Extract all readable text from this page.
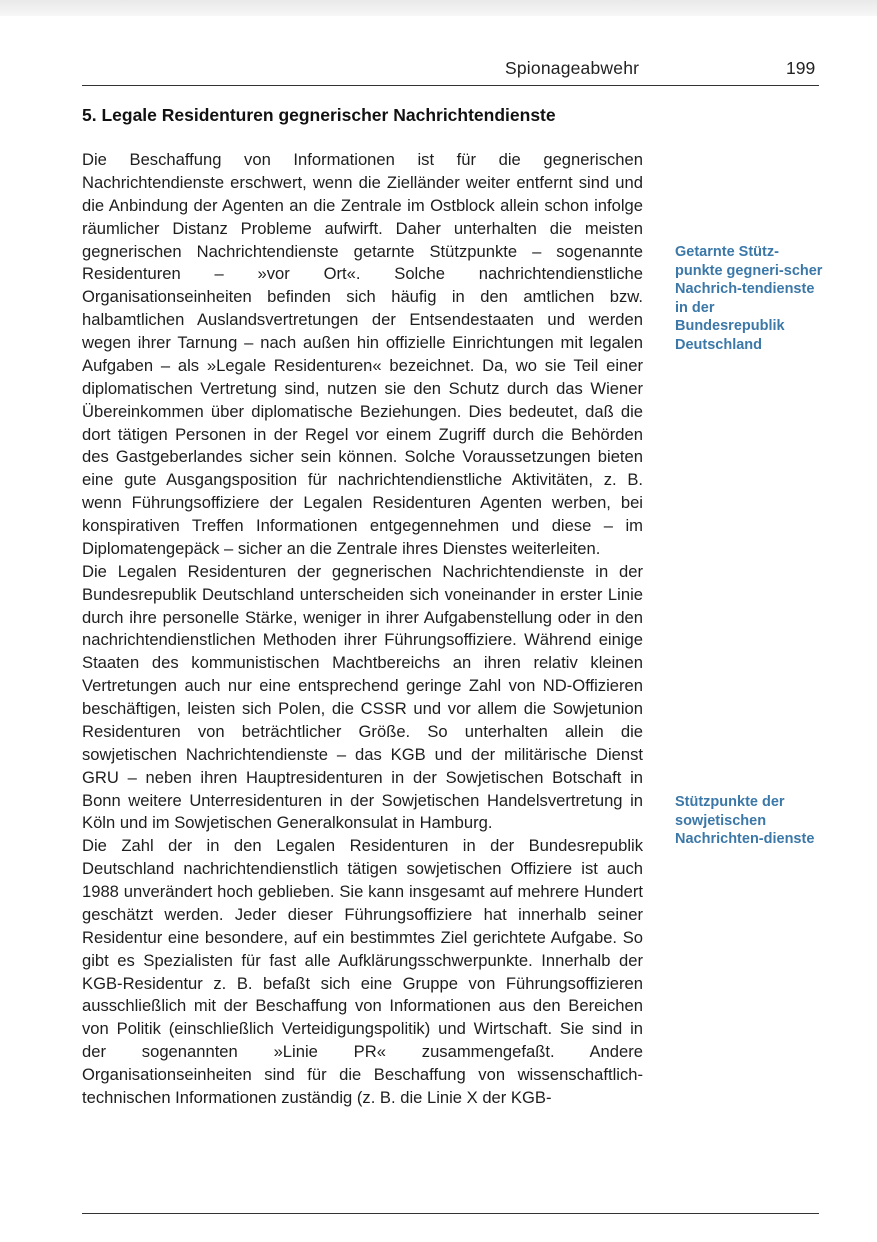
Spionageabwehr	199
5. Legale Residenturen gegnerischer Nachrichtendienste

Die Beschaffung von Informationen ist für die gegnerischen Nachrichtendienste erschwert, wenn die Zielländer weiter entfernt sind und die Anbindung der Agenten an die Zentrale im Ostblock allein schon infolge räumlicher Distanz Probleme aufwirft. Daher unterhalten die meisten gegnerischen Nachrichtendienste getarnte Stützpunkte – sogenannte Residenturen – »vor Ort«. Solche nachrichtendienstliche Organisationseinheiten befinden sich häufig in den amtlichen bzw. halbamtlichen Auslandsvertretungen der Entsendestaaten und werden wegen ihrer Tarnung – nach außen hin offizielle Einrichtungen mit legalen Aufgaben – als »Legale Residenturen« bezeichnet. Da, wo sie Teil einer diplomatischen Vertretung sind, nutzen sie den Schutz durch das Wiener Übereinkommen über diplomatische Beziehungen. Dies bedeutet, daß die dort tätigen Personen in der Regel vor einem Zugriff durch die Behörden des Gastgeberlandes sicher sein können. Solche Voraussetzungen bieten eine gute Ausgangsposition für nachrichtendienstliche Aktivitäten, z. B. wenn Führungsoffiziere der Legalen Residenturen Agenten werben, bei konspirativen Treffen Informationen entgegennehmen und diese – im Diplomatengepäck – sicher an die Zentrale ihres Dienstes weiterleiten.

Die Legalen Residenturen der gegnerischen Nachrichtendienste in der Bundesrepublik Deutschland unterscheiden sich voneinander in erster Linie durch ihre personelle Stärke, weniger in ihrer Aufgabenstellung oder in den nachrichtendienstlichen Methoden ihrer Führungsoffiziere. Während einige Staaten des kommunistischen Machtbereichs an ihren relativ kleinen Vertretungen auch nur eine entsprechend geringe Zahl von ND-Offizieren beschäftigen, leisten sich Polen, die CSSR und vor allem die Sowjetunion Residenturen von beträchtlicher Größe. So unterhalten allein die sowjetischen Nachrichtendienste – das KGB und der militärische Dienst GRU – neben ihren Hauptresidenturen in der Sowjetischen Botschaft in Bonn weitere Unterresidenturen in der Sowjetischen Handelsvertretung in Köln und im Sowjetischen Generalkonsulat in Hamburg.

Die Zahl der in den Legalen Residenturen in der Bundesrepublik Deutschland nachrichtendienstlich tätigen sowjetischen Offiziere ist auch 1988 unverändert hoch geblieben. Sie kann insgesamt auf mehrere Hundert geschätzt werden. Jeder dieser Führungsoffiziere hat innerhalb seiner Residentur eine besondere, auf ein bestimmtes Ziel gerichtete Aufgabe. So gibt es Spezialisten für fast alle Aufklärungsschwerpunkte. Innerhalb der KGB-Residentur z. B. befaßt sich eine Gruppe von Führungsoffizieren ausschließlich mit der Beschaffung von Informationen aus den Bereichen von Politik (einschließlich Verteidigungspolitik) und Wirtschaft. Sie sind in der sogenannten »Linie PR« zusammengefaßt. Andere Organisationseinheiten sind für die Beschaffung von wissenschaftlich-technischen Informationen zuständig (z. B. die Linie X der KGB-

Getarnte Stütz-punkte gegneri-scher Nachrich-tendienste in der Bundesrepublik Deutschland
Stützpunkte der sowjetischen Nachrichten-dienste
